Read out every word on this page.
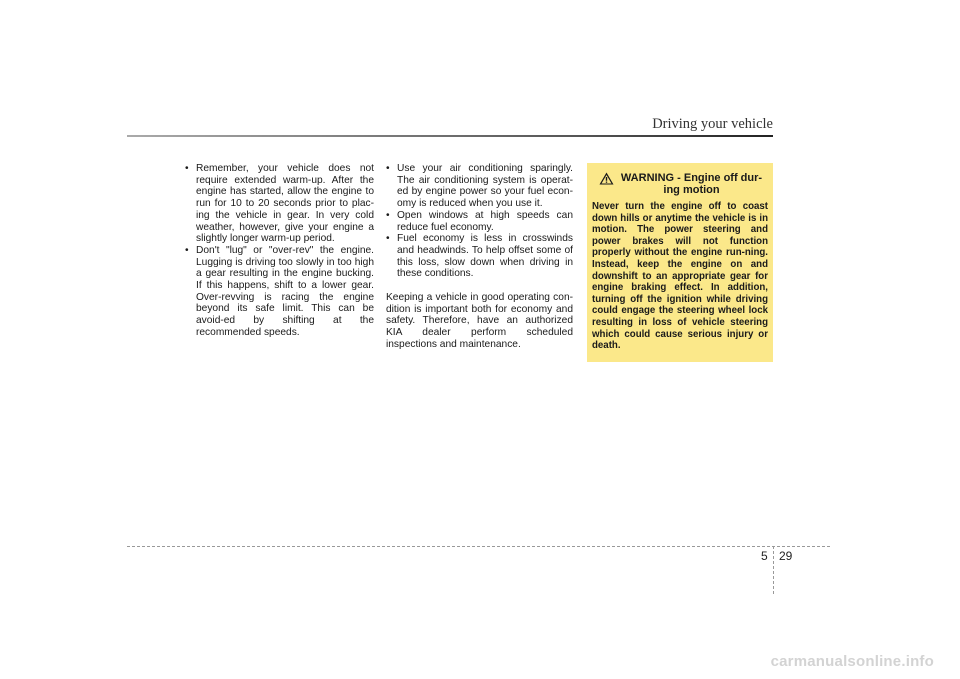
Driving your vehicle
• Remember, your vehicle does not require extended warm-up. After the engine has started, allow the engine to run for 10 to 20 seconds prior to plac-ing the vehicle in gear. In very cold weather, however, give your engine a slightly longer warm-up period.
• Don't "lug" or "over-rev" the engine. Lugging is driving too slowly in too high a gear resulting in the engine bucking. If this happens, shift to a lower gear. Over-revving is racing the engine beyond its safe limit. This can be avoid-ed by shifting at the recommended speeds.
• Use your air conditioning sparingly. The air conditioning system is operat-ed by engine power so your fuel econ-omy is reduced when you use it.
• Open windows at high speeds can reduce fuel economy.
• Fuel economy is less in crosswinds and headwinds. To help offset some of this loss, slow down when driving in these conditions.

Keeping a vehicle in good operating con-dition is important both for economy and safety. Therefore, have an authorized KIA dealer perform scheduled inspections and maintenance.

WARNING - Engine off dur-ing motion
Never turn the engine off to coast down hills or anytime the vehicle is in motion. The power steering and power brakes will not function properly without the engine run-ning. Instead, keep the engine on and downshift to an appropriate gear for engine braking effect. In addition, turning off the ignition while driving could engage the steering wheel lock resulting in loss of vehicle steering which could cause serious injury or death.
5 29
carmanualsonline.info
